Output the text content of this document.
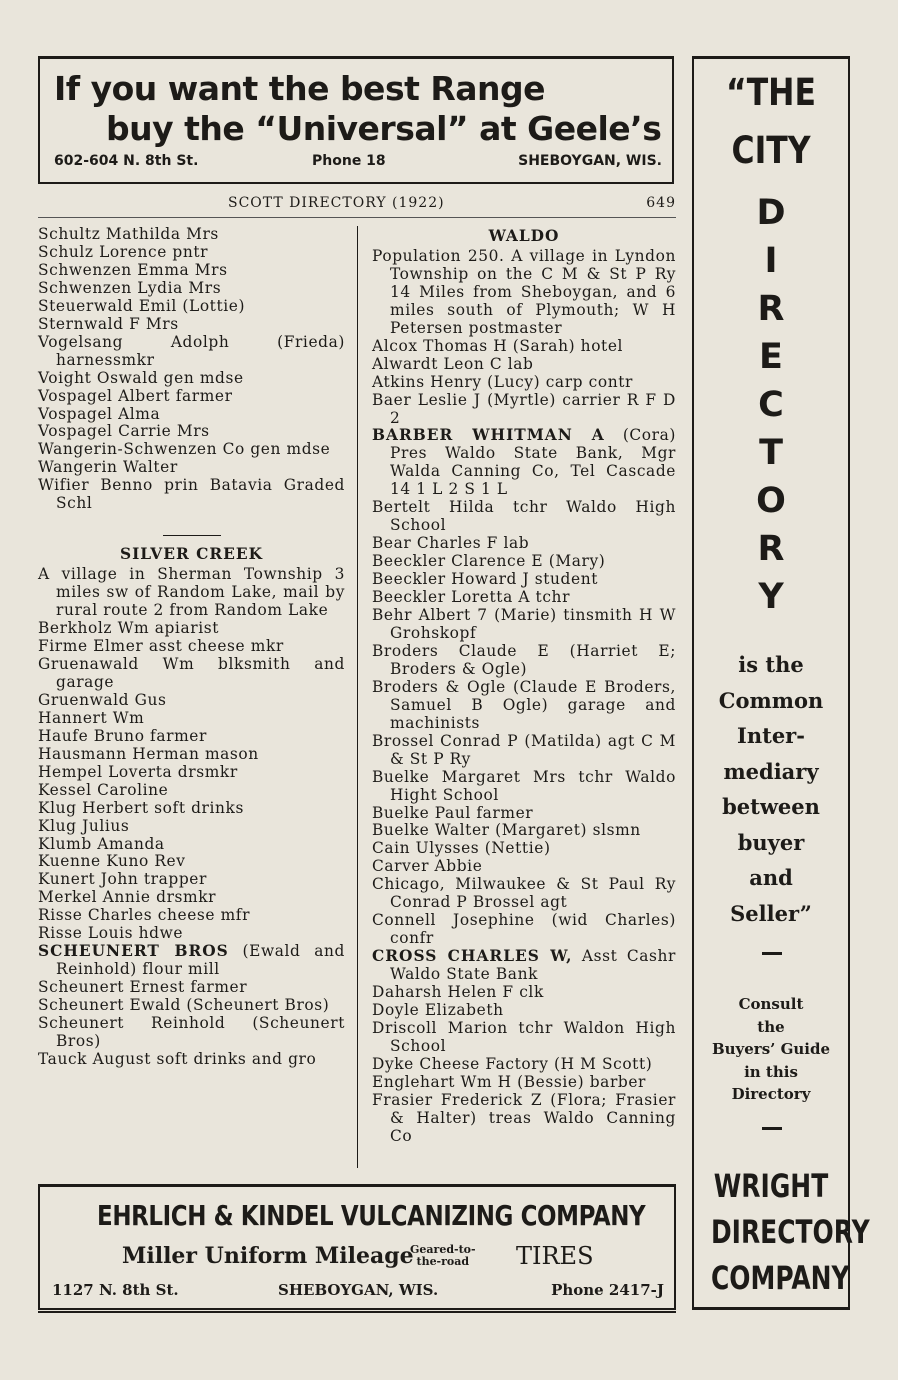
If you want the best Range
buy the “Universal” at Geele’s
602-604 N. 8th St.	Phone 18	SHEBOYGAN, WIS.
SCOTT DIRECTORY (1922)	649
Schultz Mathilda Mrs
Schulz Lorence pntr
Schwenzen Emma Mrs
Schwenzen Lydia Mrs
Steuerwald Emil (Lottie)
Sternwald F Mrs
Vogelsang Adolph (Frieda) harnessmkr
Voight Oswald gen mdse
Vospagel Albert farmer
Vospagel Alma
Vospagel Carrie Mrs
Wangerin-Schwenzen Co gen mdse
Wangerin Walter
Wifier Benno prin Batavia Graded Schl
SILVER CREEK
A village in Sherman Township 3 miles sw of Random Lake, mail by rural route 2 from Random Lake
Berkholz Wm apiarist
Firme Elmer asst cheese mkr
Gruenawald Wm blksmith and garage
Gruenwald Gus
Hannert Wm
Haufe Bruno farmer
Hausmann Herman mason
Hempel Loverta drsmkr
Kessel Caroline
Klug Herbert soft drinks
Klug Julius
Klumb Amanda
Kuenne Kuno Rev
Kunert John trapper
Merkel Annie drsmkr
Risse Charles cheese mfr
Risse Louis hdwe
SCHEUNERT BROS (Ewald and Reinhold) flour mill
Scheunert Ernest farmer
Scheunert Ewald (Scheunert Bros)
Scheunert Reinhold (Scheunert Bros)
Tauck August soft drinks and gro
WALDO
Population 250. A village in Lyndon Township on the C M & St P Ry 14 Miles from Sheboygan, and 6 miles south of Plymouth; W H Petersen postmaster
Alcox Thomas H (Sarah) hotel
Alwardt Leon C lab
Atkins Henry (Lucy) carp contr
Baer Leslie J (Myrtle) carrier R F D 2
BARBER WHITMAN A (Cora) Pres Waldo State Bank, Mgr Walda Canning Co, Tel Cascade 14 1 L 2 S 1 L
Bertelt Hilda tchr Waldo High School
Bear Charles F lab
Beeckler Clarence E (Mary)
Beeckler Howard J student
Beeckler Loretta A tchr
Behr Albert 7 (Marie) tinsmith H W Grohskopf
Broders Claude E (Harriet E; Broders & Ogle)
Broders & Ogle (Claude E Broders, Samuel B Ogle) garage and machinists
Brossel Conrad P (Matilda) agt C M & St P Ry
Buelke Margaret Mrs tchr Waldo Hight School
Buelke Paul farmer
Buelke Walter (Margaret) slsmn
Cain Ulysses (Nettie)
Carver Abbie
Chicago, Milwaukee & St Paul Ry Conrad P Brossel agt
Connell Josephine (wid Charles) confr
CROSS CHARLES W, Asst Cashr Waldo State Bank
Daharsh Helen F clk
Doyle Elizabeth
Driscoll Marion tchr Waldon High School
Dyke Cheese Factory (H M Scott)
Englehart Wm H (Bessie) barber
Frasier Frederick Z (Flora; Frasier & Halter) treas Waldo Canning Co
EHRLICH & KINDEL VULCANIZING COMPANY
Miller Uniform Mileage
Geared-to-
the-road TIRES
1127 N. 8th St.	SHEBOYGAN, WIS.	Phone 2417-J
“THE
CITY
D
I
R
E
C
T
O
R
Y
is the
Common
Inter-
mediary
between
buyer
and
Seller”
Consult
the
Buyers’ Guide
in this
Directory
WRIGHT
DIRECTORY
COMPANY
